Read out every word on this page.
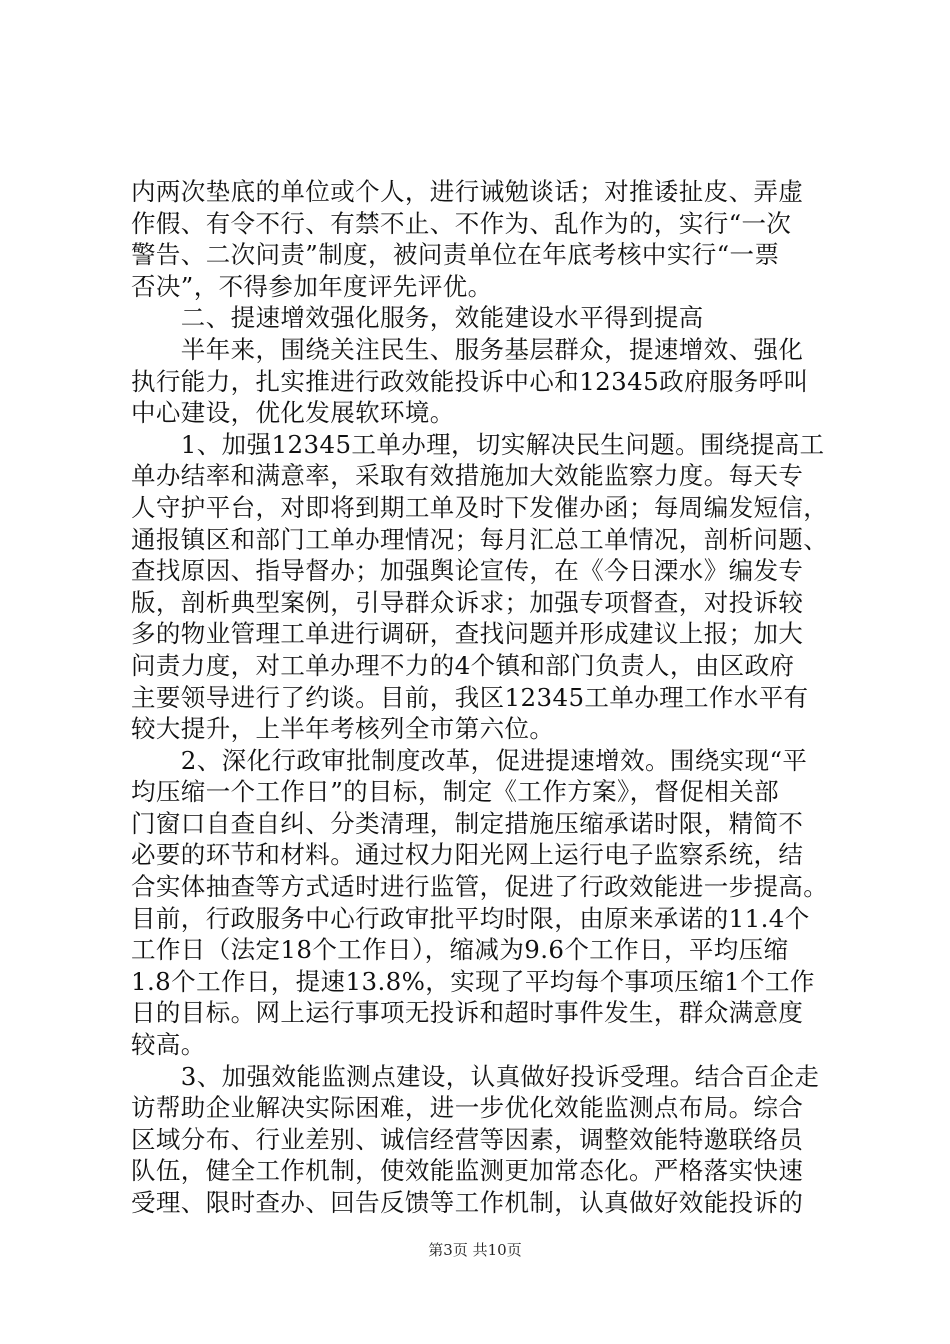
内两次垫底的单位或个人，进行诫勉谈话；对推诿扯皮、弄虚
作假、有令不行、有禁不止、不作为、乱作为的，实行“一次
警告、二次问责”制度，被问责单位在年底考核中实行“一票
否决”，不得参加年度评先评优。
　　二、提速增效强化服务，效能建设水平得到提高
　　半年来，围绕关注民生、服务基层群众，提速增效、强化
执行能力，扎实推进行政效能投诉中心和12345政府服务呼叫
中心建设，优化发展软环境。
　　1、加强12345工单办理，切实解决民生问题。围绕提高工
单办结率和满意率，采取有效措施加大效能监察力度。每天专
人守护平台，对即将到期工单及时下发催办函；每周编发短信，
通报镇区和部门工单办理情况；每月汇总工单情况，剖析问题、
查找原因、指导督办；加强舆论宣传，在《今日溧水》编发专
版，剖析典型案例，引导群众诉求；加强专项督查，对投诉较
多的物业管理工单进行调研，查找问题并形成建议上报；加大
问责力度，对工单办理不力的4个镇和部门负责人，由区政府
主要领导进行了约谈。目前，我区12345工单办理工作水平有
较大提升，上半年考核列全市第六位。
　　2、深化行政审批制度改革，促进提速增效。围绕实现“平
均压缩一个工作日”的目标，制定《工作方案》，督促相关部
门窗口自查自纠、分类清理，制定措施压缩承诺时限，精简不
必要的环节和材料。通过权力阳光网上运行电子监察系统，结
合实体抽查等方式适时进行监管，促进了行政效能进一步提高。
目前，行政服务中心行政审批平均时限，由原来承诺的11.4个
工作日（法定18个工作日），缩减为9.6个工作日，平均压缩
1.8个工作日，提速13.8%，实现了平均每个事项压缩1个工作
日的目标。网上运行事项无投诉和超时事件发生，群众满意度
较高。
　　3、加强效能监测点建设，认真做好投诉受理。结合百企走
访帮助企业解决实际困难，进一步优化效能监测点布局。综合
区域分布、行业差别、诚信经营等因素，调整效能特邀联络员
队伍，健全工作机制，使效能监测更加常态化。严格落实快速
受理、限时查办、回告反馈等工作机制，认真做好效能投诉的
第3页 共10页
